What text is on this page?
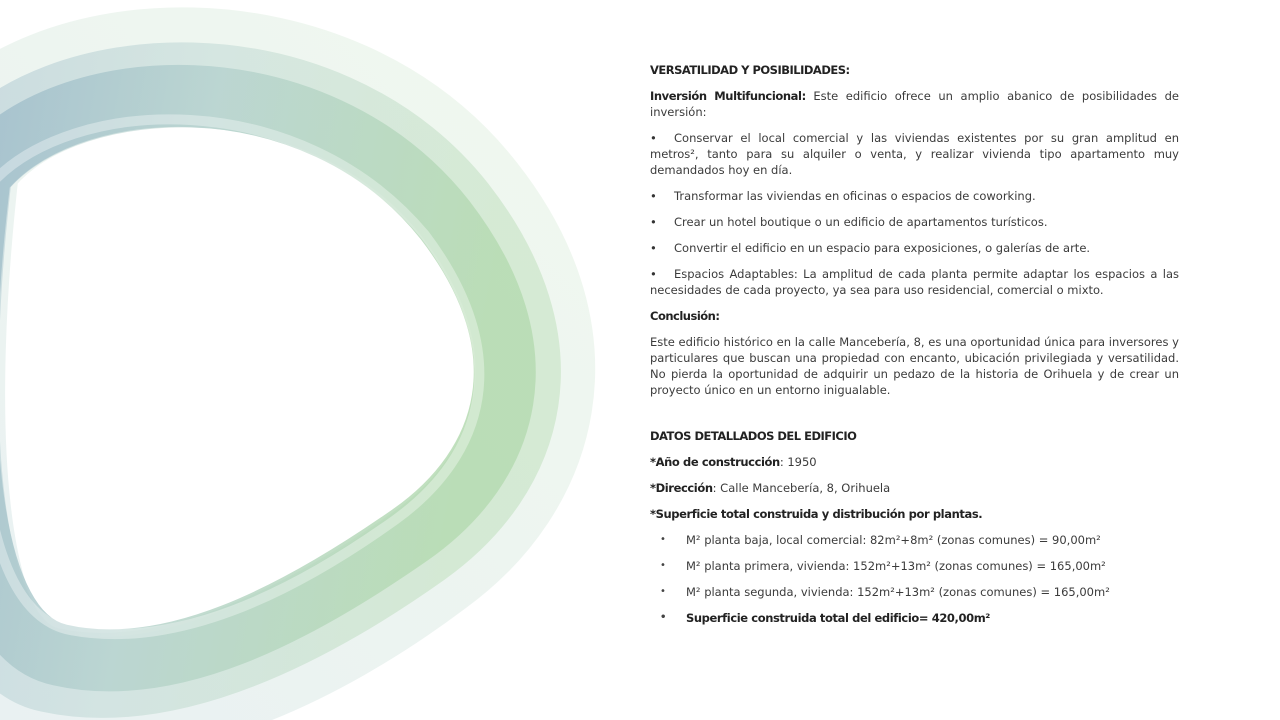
VERSATILIDAD Y POSIBILIDADES:

Inversión Multifuncional: Este edificio ofrece un amplio abanico de posibilidades de inversión:

• Conservar el local comercial y las viviendas existentes por su gran amplitud en metros², tanto para su alquiler o venta, y realizar vivienda tipo apartamento muy demandados hoy en día.

• Transformar las viviendas en oficinas o espacios de coworking.

• Crear un hotel boutique o un edificio de apartamentos turísticos.

• Convertir el edificio en un espacio para exposiciones, o galerías de arte.

• Espacios Adaptables: La amplitud de cada planta permite adaptar los espacios a las necesidades de cada proyecto, ya sea para uso residencial, comercial o mixto.

Conclusión:

Este edificio histórico en la calle Mancebería, 8, es una oportunidad única para inversores y particulares que buscan una propiedad con encanto, ubicación privilegiada y versatilidad. No pierda la oportunidad de adquirir un pedazo de la historia de Orihuela y de crear un proyecto único en un entorno inigualable.

DATOS DETALLADOS DEL EDIFICIO

*Año de construcción: 1950
*Dirección: Calle Mancebería, 8, Orihuela
*Superficie total construida y distribución por plantas.
• M² planta baja, local comercial: 82m²+8m² (zonas comunes) = 90,00m²
• M² planta primera, vivienda: 152m²+13m² (zonas comunes) = 165,00m²
• M² planta segunda, vivienda: 152m²+13m² (zonas comunes) = 165,00m²
• Superficie construida total del edificio= 420,00m²
